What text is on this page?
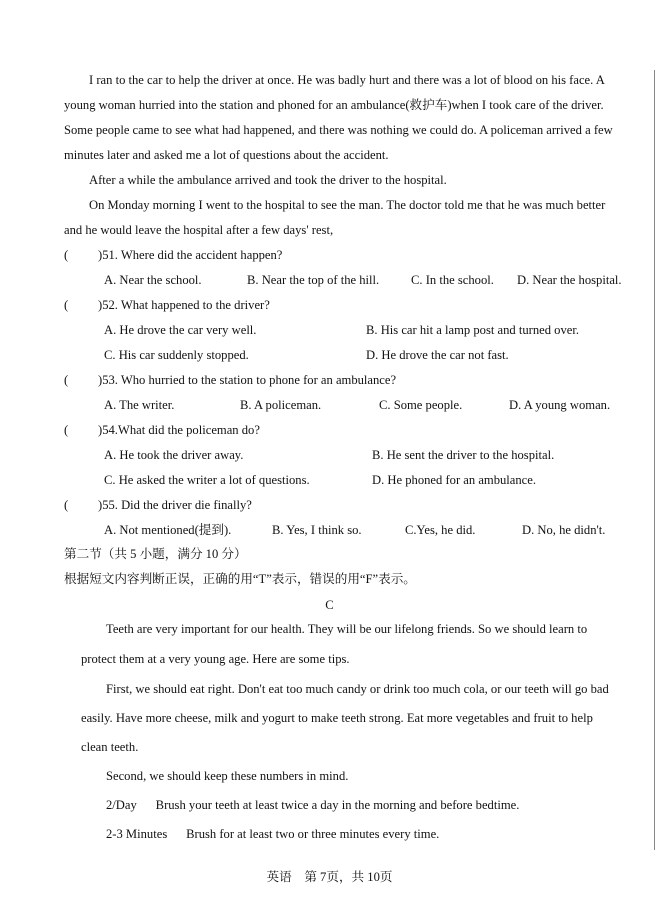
I ran to the car to help the driver at once. He was badly hurt and there was a lot of blood on his face. A
young woman hurried into the station and phoned for an ambulance(救护车)when I took care of the driver.
Some people came to see what had happened, and there was nothing we could do. A policeman arrived a few
minutes later and asked me a lot of questions about the accident.
After a while the ambulance arrived and took the driver to the hospital.
On Monday morning I went to the hospital to see the man. The doctor told me that he was much better
and he would leave the hospital after a few days' rest,
( )51. Where did the accident happen?
A. Near the school.	B. Near the top of the hill.	C. In the school. D. Near the hospital.
( )52. What happened to the driver?
A. He drove the car very well.	B. His car hit a lamp post and turned over.
C. His car suddenly stopped.	D. He drove the car not fast.
( )53. Who hurried to the station to phone for an ambulance?
A. The writer.	B. A policeman.	C. Some people.	D. A young woman.
( )54.What did the policeman do?
A. He took the driver away.	B. He sent the driver to the hospital.
C. He asked the writer a lot of questions.	D. He phoned for an ambulance.
( )55. Did the driver die finally?
A. Not mentioned(提到).	B. Yes, I think so.	C.Yes, he did.	D. No, he didn't.
第二节（共 5 小题，满分 10 分）
根据短文内容判断正误，正确的用“T”表示，错误的用“F”表示。
C
Teeth are very important for our health. They will be our lifelong friends. So we should learn to
protect them at a very young age. Here are some tips.
First, we should eat right. Don't eat too much candy or drink too much cola, or our teeth will go bad
easily. Have more cheese, milk and yogurt to make teeth strong. Eat more vegetables and fruit to help
clean teeth.
Second, we should keep these numbers in mind.
2/Day      Brush your teeth at least twice a day in the morning and before bedtime.
2-3 Minutes      Brush for at least two or three minutes every time.
英语    第 7页，共 10页
